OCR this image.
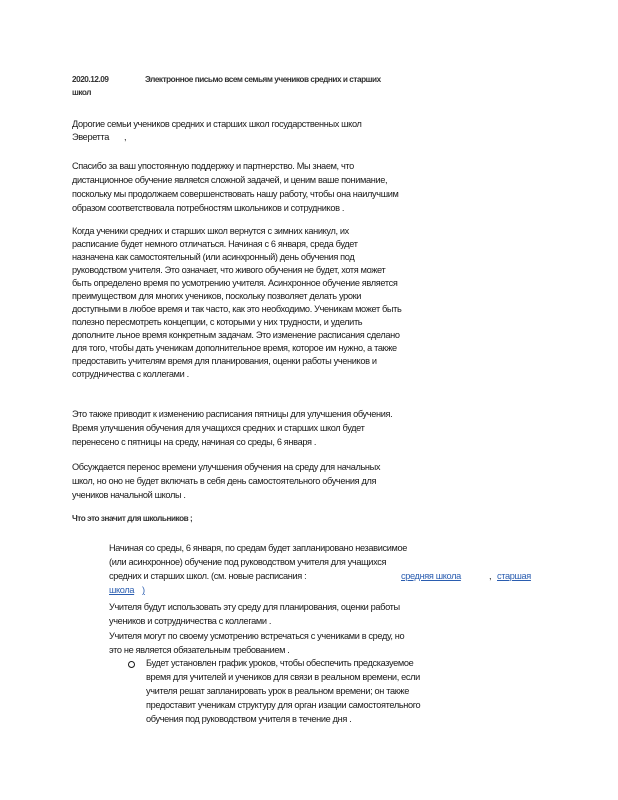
2020.12.09	Электронное письмо всем семьям учеников средних и старших
школ
Дорогие семьи учеников средних и старших школ государственных школ
Эверетта ,
Спасибо за ваш упостоянную поддержку и партнерство. Мы знаем, что
дистанционное обучение являеtся сложной задачей, и ценим ваше понимание,
поскольку мы продолжаем совершенствовать нашу работу, чтобы она наилучшим
образом соответствовала потребностям школьников и сотрудников .
Когда ученики средних и старших школ вернутся с зимних каникул, их
расписание будет немного отличаться. Начиная с 6 января, среда будет
назначена как самостоятельный (или асинхронный) день обучения под
руководством учителя. Это означает, что живого обучения не будет, хотя может
быть определено время по усмотрению учителя. Асинхронное обучение является
преимуществом для многих учеников, поскольку позволяет делать уроки
доступными в любое время и так часто, как это необходимо. Ученикам может быть
полезно пересмотреть концепции, с которыми у них трудности, и уделить
дополните льное время конкретным задачам. Это изменение расписания сделано
для того, чтобы дать ученикам дополнительное время, которое им нужно, а также
предоставить учителям время для планирования, оценки работы учеников и
сотрудничества с коллегами .
Это также приводит к изменению расписания пятницы для улучшения обучения.
Время улучшения обучения для учащихся средних и старших школ будет
перенесено с пятницы на среду, начиная со среды, 6 января .
Обсуждается перенос времени улучшения обучения на среду для начальных
школ, но оно не будет включать в себя день самостоятельного обучения для
учеников начальной школы .
Что это значит для школьников ;
Начиная со среды, 6 января, по средам будет запланировано независимое
(или асинхронное) обучение под руководством учителя для учащихся
средних и старших школ. (см. новые расписания :	средняя школа	, старшая
школа )
Учителя будут использовать эту среду для планирования, оценки работы
учеников и сотрудничества с коллегами .
Учителя могут по своему усмотрению встречаться с учениками в среду, но
это не является обязательным требованием .
Будет установлен график уроков, чтобы обеспечить предсказуемое
время для учителей и учеников для связи в реальном времени, если
учителя решат запланировать урок в реальном времени; он также
предоставит ученикам структуру для орган изации самостоятельного
обучения под руководством учителя в течение дня .
